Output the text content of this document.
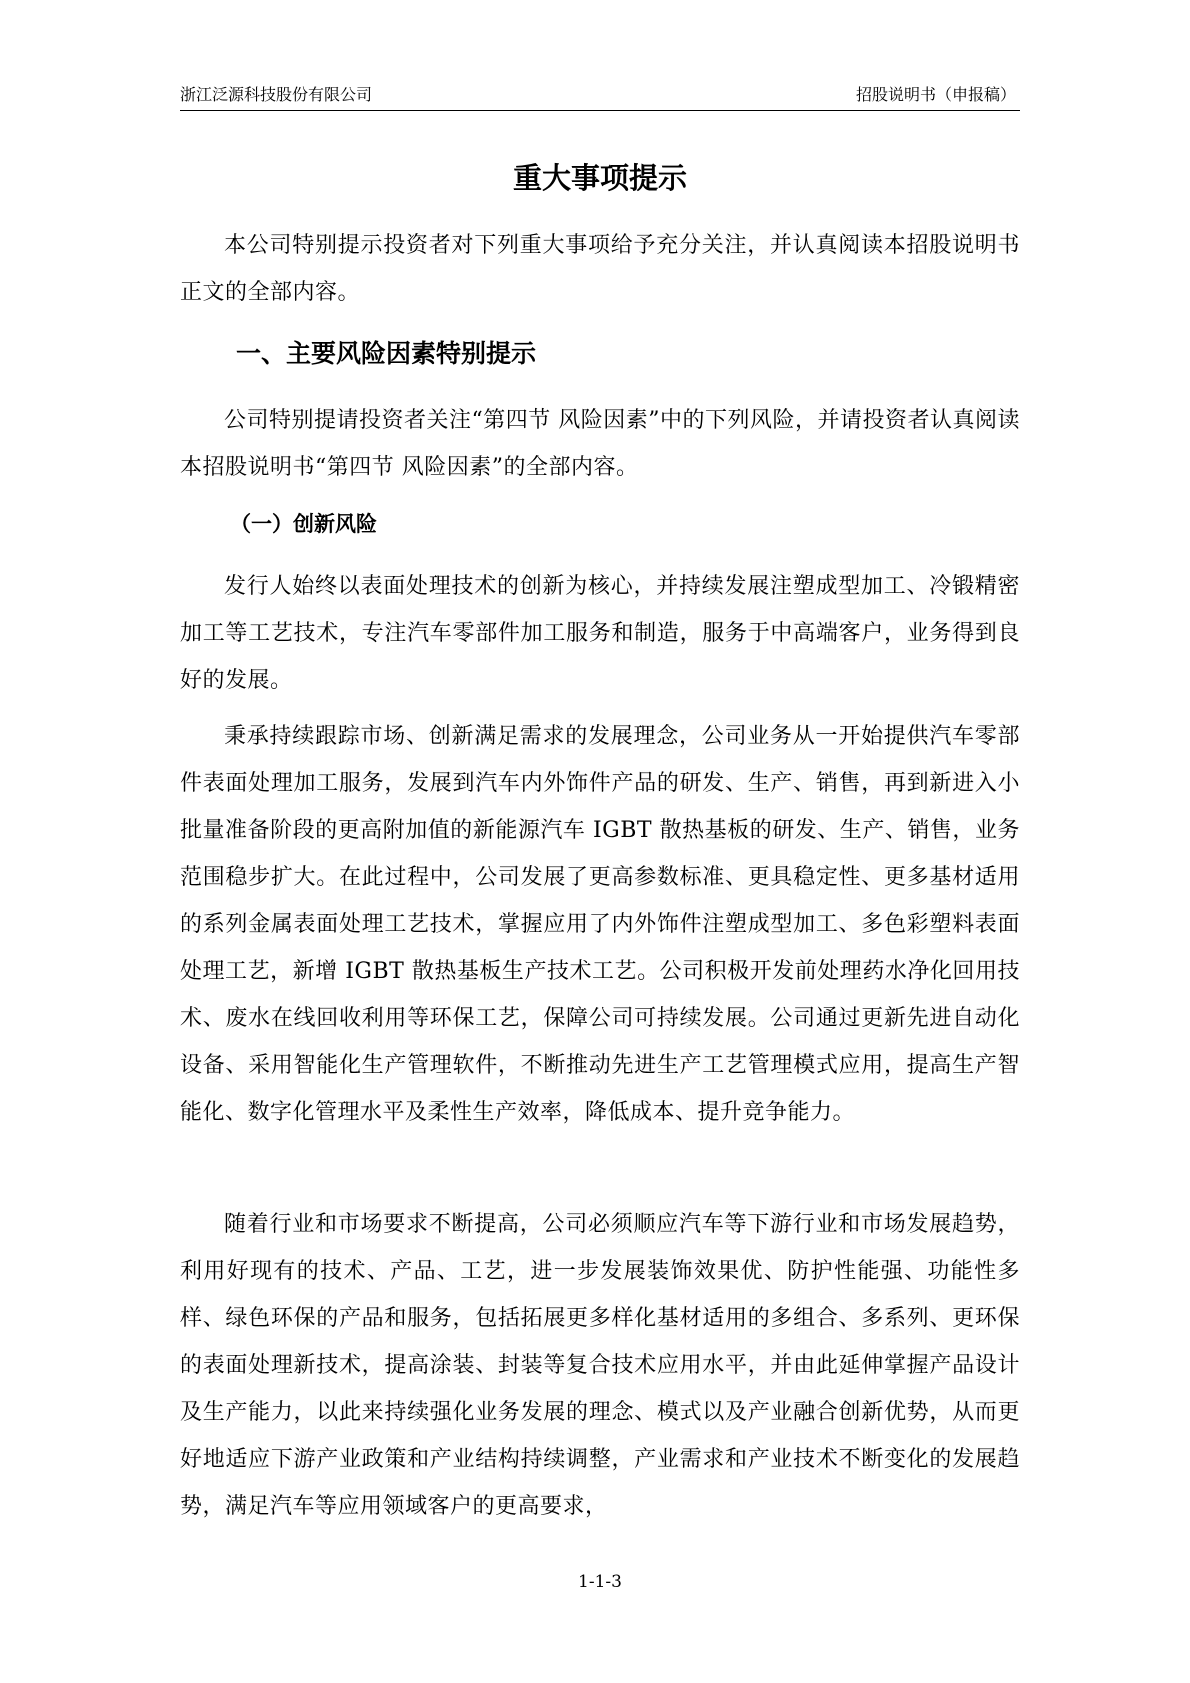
浙江泛源科技股份有限公司	招股说明书（申报稿）
重大事项提示

本公司特别提示投资者对下列重大事项给予充分关注，并认真阅读本招股说明书正文的全部内容。

一、主要风险因素特别提示

公司特别提请投资者关注“第四节 风险因素”中的下列风险，并请投资者认真阅读本招股说明书“第四节 风险因素”的全部内容。

（一）创新风险

发行人始终以表面处理技术的创新为核心，并持续发展注塑成型加工、冷锻精密加工等工艺技术，专注汽车零部件加工服务和制造，服务于中高端客户，业务得到良好的发展。

秉承持续跟踪市场、创新满足需求的发展理念，公司业务从一开始提供汽车零部件表面处理加工服务，发展到汽车内外饰件产品的研发、生产、销售，再到新进入小批量准备阶段的更高附加值的新能源汽车 IGBT 散热基板的研发、生产、销售，业务范围稳步扩大。在此过程中，公司发展了更高参数标准、更具稳定性、更多基材适用的系列金属表面处理工艺技术，掌握应用了内外饰件注塑成型加工、多色彩塑料表面处理工艺，新增 IGBT 散热基板生产技术工艺。公司积极开发前处理药水净化回用技术、废水在线回收利用等环保工艺，保障公司可持续发展。公司通过更新先进自动化设备、采用智能化生产管理软件，不断推动先进生产工艺管理模式应用，提高生产智能化、数字化管理水平及柔性生产效率，降低成本、提升竞争能力。

随着行业和市场要求不断提高，公司必须顺应汽车等下游行业和市场发展趋势，利用好现有的技术、产品、工艺，进一步发展装饰效果优、防护性能强、功能性多样、绿色环保的产品和服务，包括拓展更多样化基材适用的多组合、多系列、更环保的表面处理新技术，提高涂装、封装等复合技术应用水平，并由此延伸掌握产品设计及生产能力，以此来持续强化业务发展的理念、模式以及产业融合创新优势，从而更好地适应下游产业政策和产业结构持续调整，产业需求和产业技术不断变化的发展趋势，满足汽车等应用领域客户的更高要求，

1-1-3
